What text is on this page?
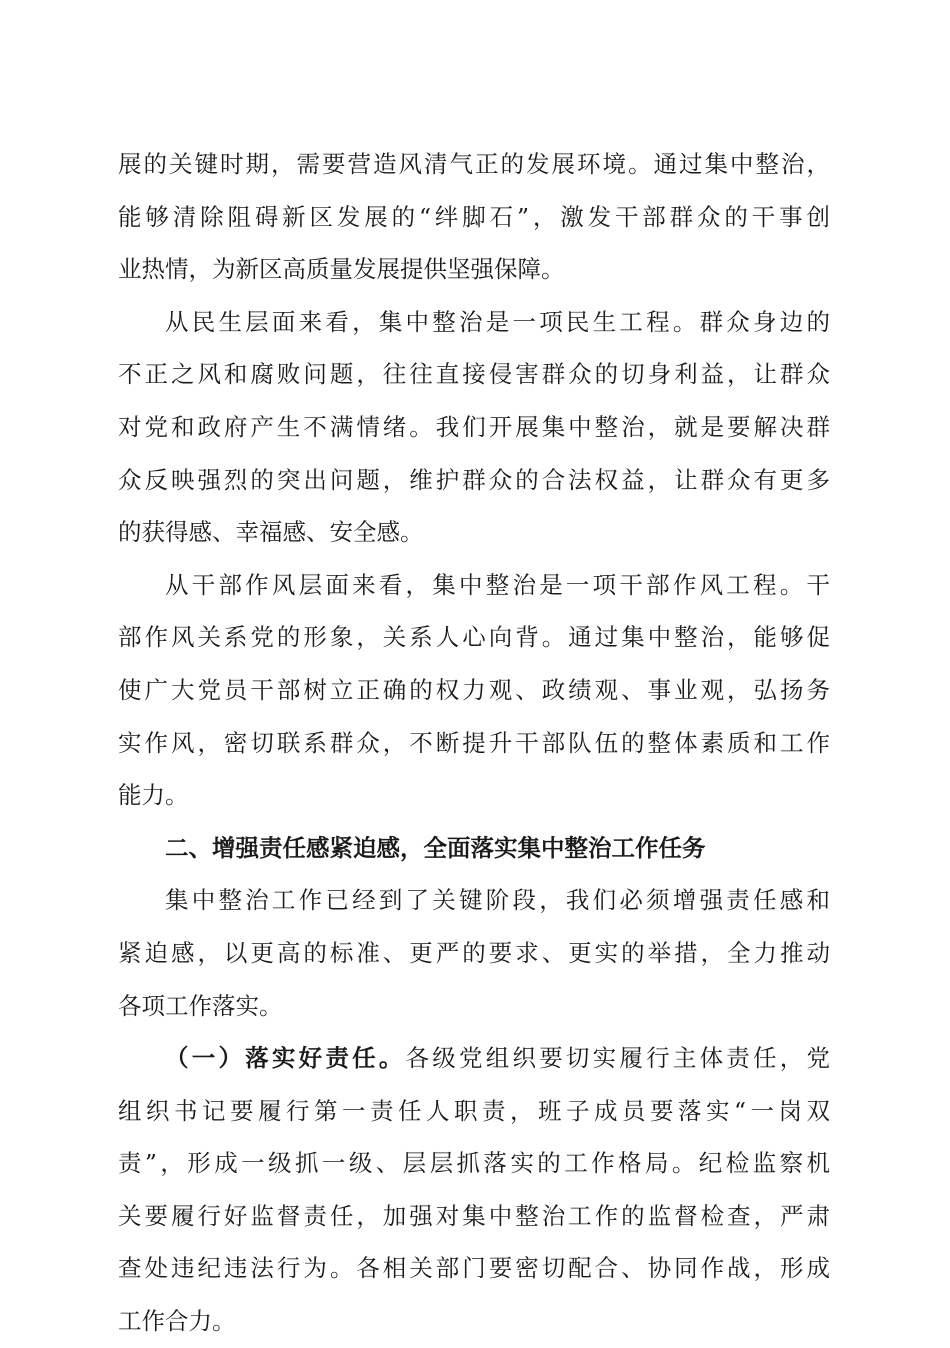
展的关键时期，需要营造风清气正的发展环境。通过集中整治，
能够清除阻碍新区发展的“绊脚石”，激发干部群众的干事创
业热情，为新区高质量发展提供坚强保障。
从民生层面来看，集中整治是一项民生工程。群众身边的
不正之风和腐败问题，往往直接侵害群众的切身利益，让群众
对党和政府产生不满情绪。我们开展集中整治，就是要解决群
众反映强烈的突出问题，维护群众的合法权益，让群众有更多
的获得感、幸福感、安全感。
从干部作风层面来看，集中整治是一项干部作风工程。干
部作风关系党的形象，关系人心向背。通过集中整治，能够促
使广大党员干部树立正确的权力观、政绩观、事业观，弘扬务
实作风，密切联系群众，不断提升干部队伍的整体素质和工作
能力。
二、增强责任感紧迫感，全面落实集中整治工作任务
集中整治工作已经到了关键阶段，我们必须增强责任感和
紧迫感，以更高的标准、更严的要求、更实的举措，全力推动
各项工作落实。
（一）落实好责任。各级党组织要切实履行主体责任，党
组织书记要履行第一责任人职责，班子成员要落实“一岗双
责”，形成一级抓一级、层层抓落实的工作格局。纪检监察机
关要履行好监督责任，加强对集中整治工作的监督检查，严肃
查处违纪违法行为。各相关部门要密切配合、协同作战，形成
工作合力。
